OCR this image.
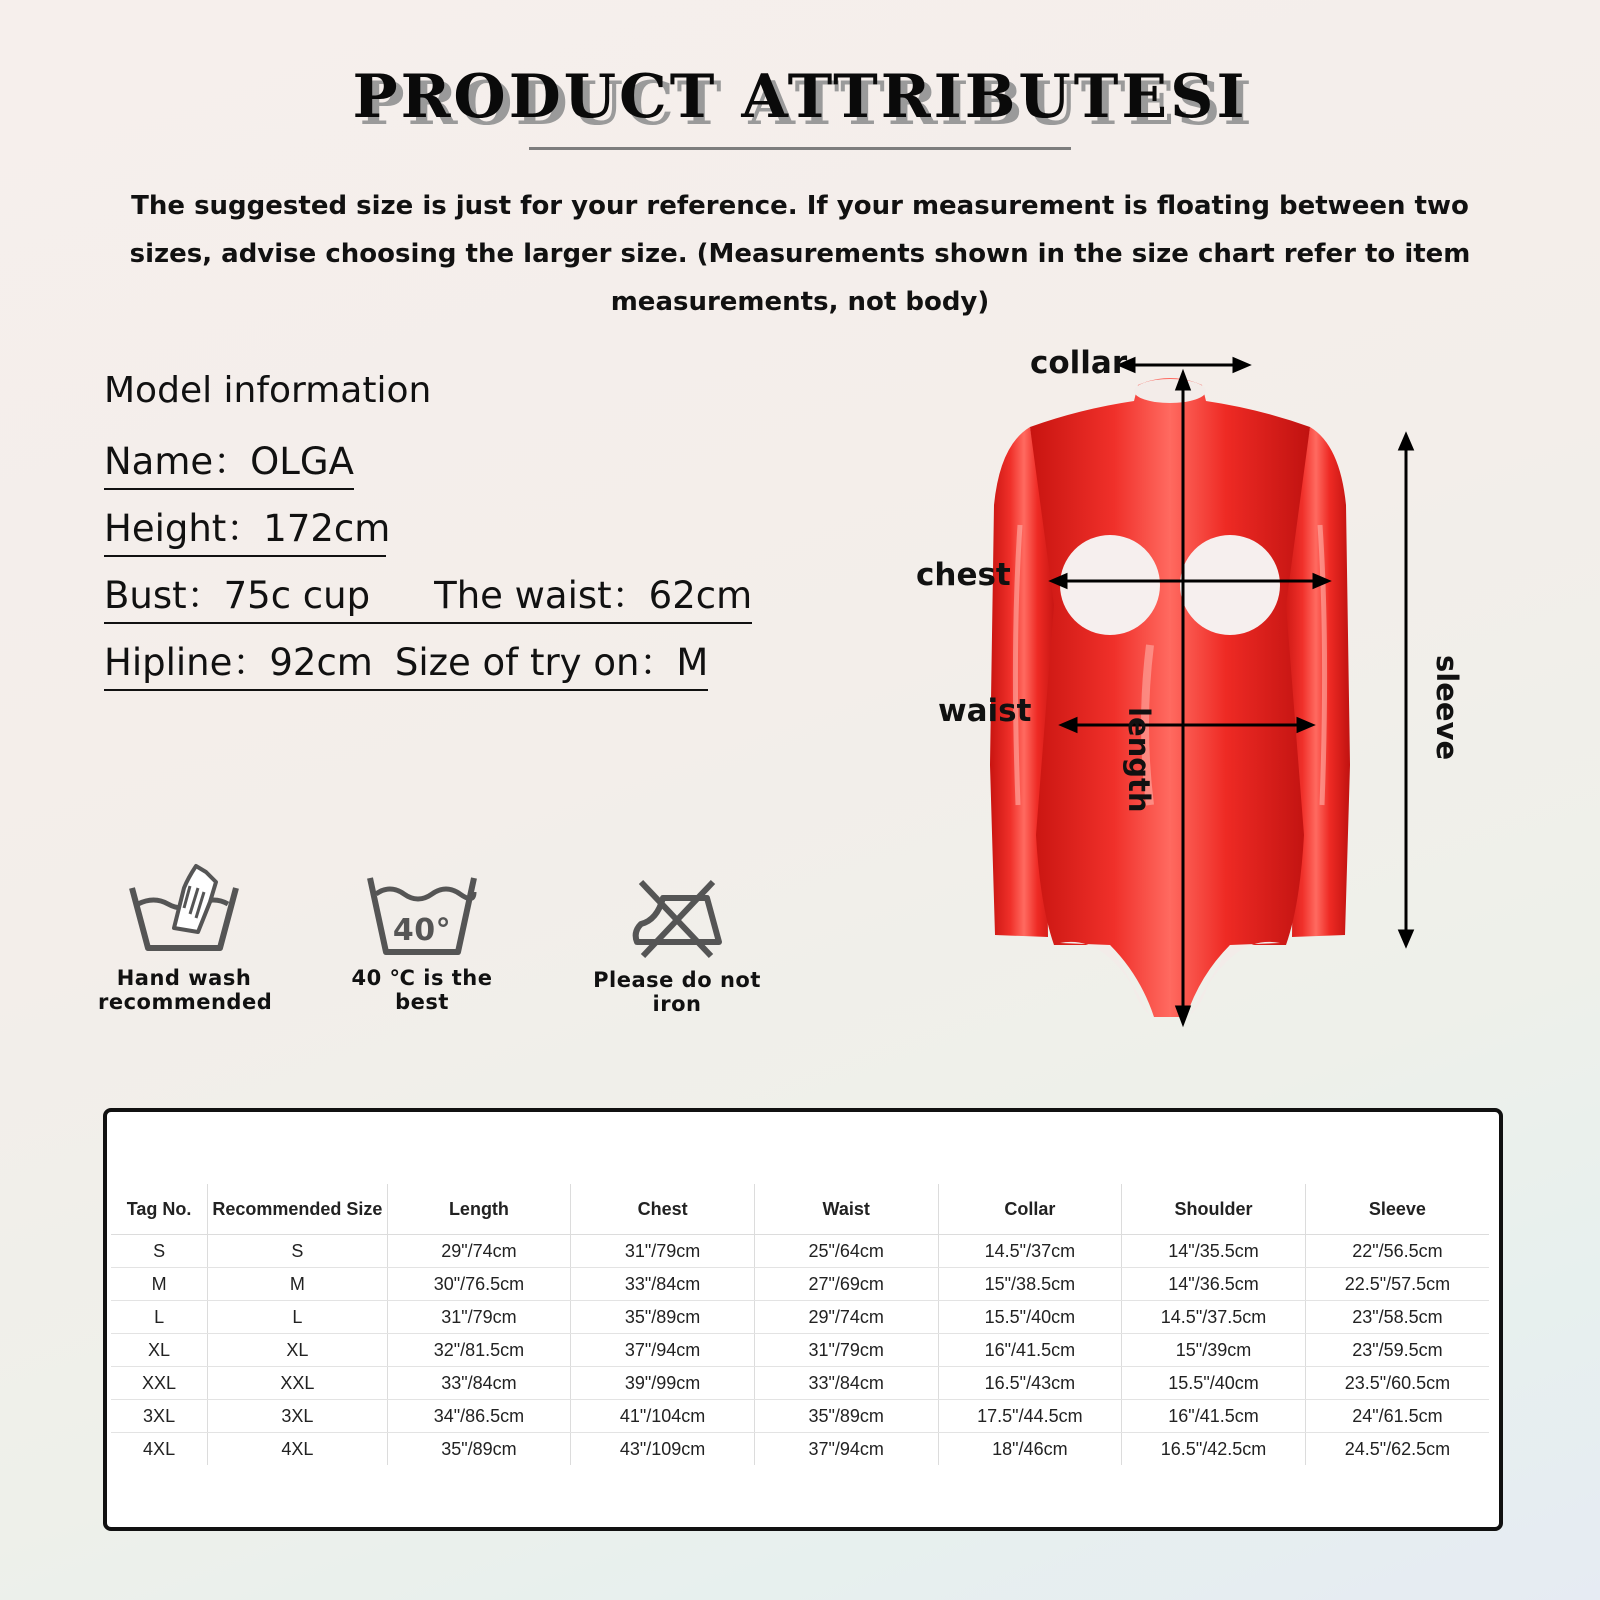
PRODUCT ATTRIBUTESI
The suggested size is just for your reference. If your measurement is floating between two sizes, advise choosing the larger size. (Measurements shown in the size chart refer to item measurements, not body)
Model information
Name：OLGA
Height：172cm
Bust：75c cup The waist：62cm
Hipline：92cm Size of try on：M
Hand wash recommended
40°
40 ℃ is the best
Please do not iron
collar
chest
waist	length	sleeve
Tag No.	Recommended Size	Length	Chest	Waist	Collar	Shoulder	Sleeve
S	S	29"/74cm	31"/79cm	25"/64cm	14.5"/37cm	14"/35.5cm	22"/56.5cm
M	M	30"/76.5cm	33"/84cm	27"/69cm	15"/38.5cm	14"/36.5cm	22.5"/57.5cm
L	L	31"/79cm	35"/89cm	29"/74cm	15.5"/40cm	14.5"/37.5cm	23"/58.5cm
XL	XL	32"/81.5cm	37"/94cm	31"/79cm	16"/41.5cm	15"/39cm	23"/59.5cm
XXL	XXL	33"/84cm	39"/99cm	33"/84cm	16.5"/43cm	15.5"/40cm	23.5"/60.5cm
3XL	3XL	34"/86.5cm	41"/104cm	35"/89cm	17.5"/44.5cm	16"/41.5cm	24"/61.5cm
4XL	4XL	35"/89cm	43"/109cm	37"/94cm	18"/46cm	16.5"/42.5cm	24.5"/62.5cm
